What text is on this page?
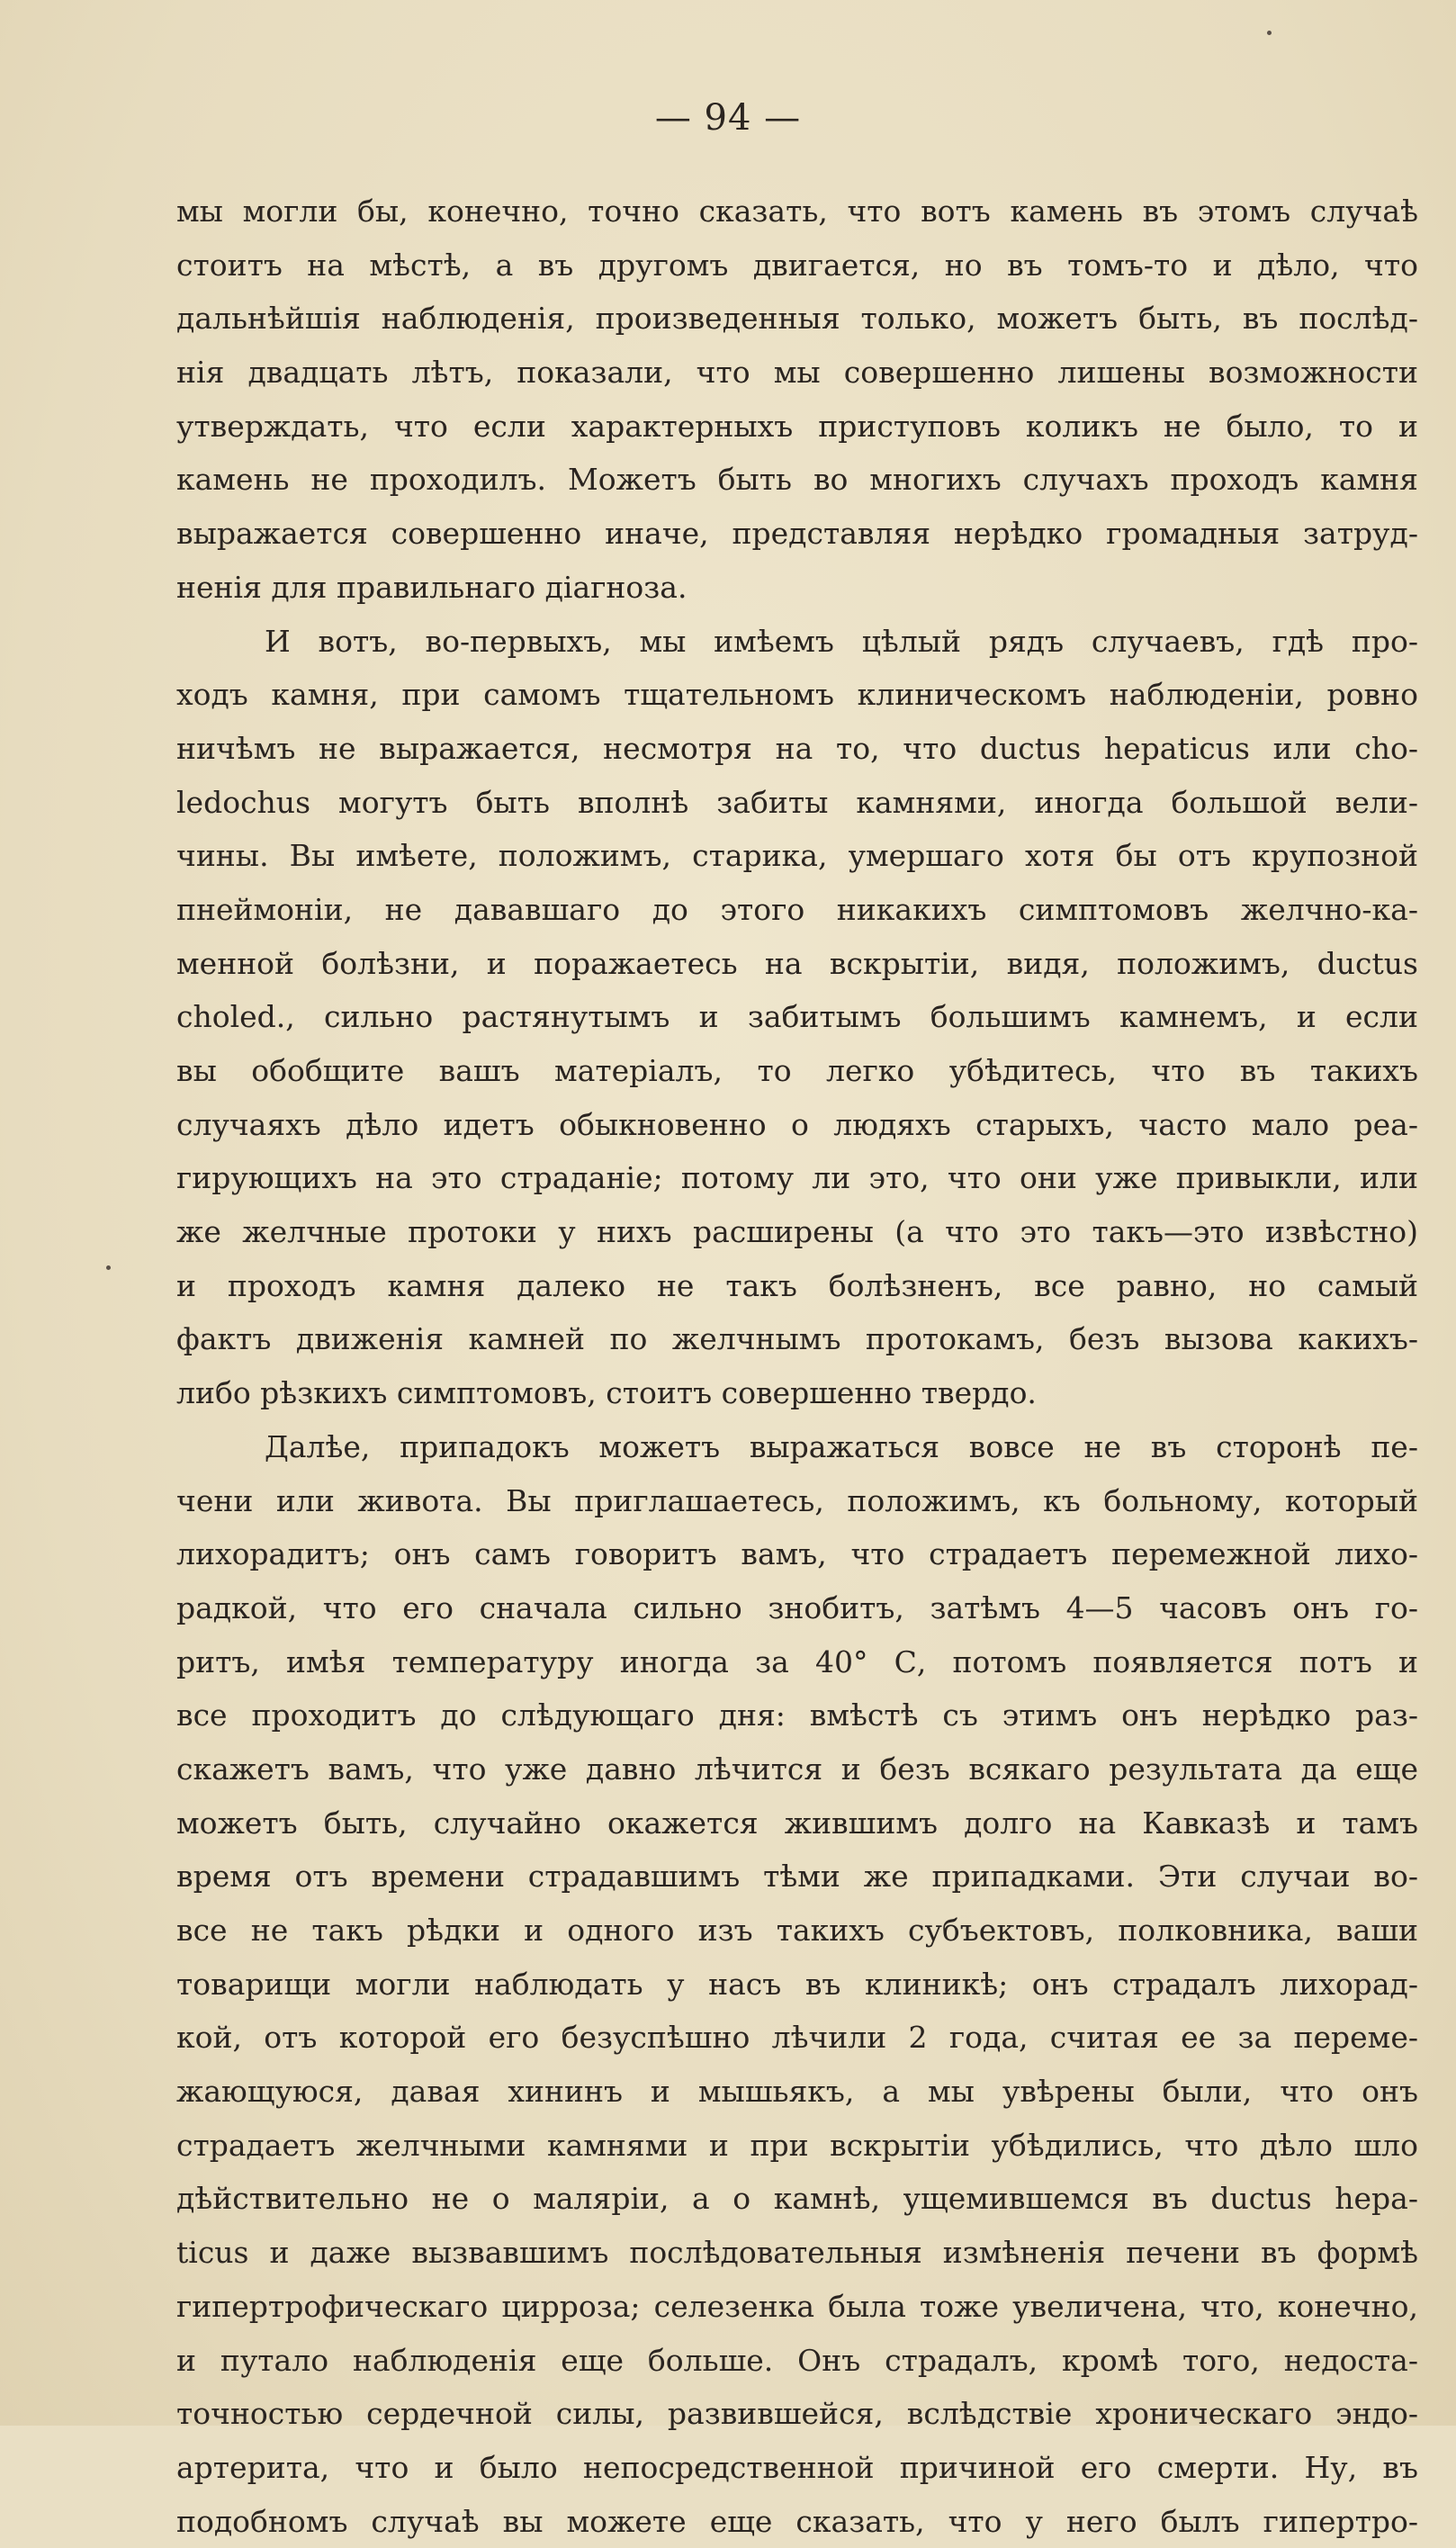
— 94 —
мы могли бы, конечно, точно сказать, что вотъ камень въ этомъ случаѣ
стоитъ на мѣстѣ, а въ другомъ двигается, но въ томъ-то и дѣло, что
дальнѣйшія наблюденія, произведенныя только, можетъ быть, въ послѣд-
нія двадцать лѣтъ, показали, что мы совершенно лишены возможности
утверждать, что если характерныхъ приступовъ коликъ не было, то и
камень не проходилъ. Можетъ быть во многихъ случахъ проходъ камня
выражается совершенно иначе, представляя нерѣдко громадныя затруд-
ненія для правильнаго діагноза.
И вотъ, во-первыхъ, мы имѣемъ цѣлый рядъ случаевъ, гдѣ про-
ходъ камня, при самомъ тщательномъ клиническомъ наблюденіи, ровно
ничѣмъ не выражается, несмотря на то, что ductus hepaticus или cho-
ledochus могутъ быть вполнѣ забиты камнями, иногда большой вели-
чины. Вы имѣете, положимъ, старика, умершаго хотя бы отъ крупозной
пнеймоніи, не дававшаго до этого никакихъ симптомовъ желчно-ка-
менной болѣзни, и поражаетесь на вскрытіи, видя, положимъ, ductus
choled., сильно растянутымъ и забитымъ большимъ камнемъ, и если
вы обобщите вашъ матеріалъ, то легко убѣдитесь, что въ такихъ
случаяхъ дѣло идетъ обыкновенно о людяхъ старыхъ, часто мало реа-
гирующихъ на это страданіе; потому ли это, что они уже привыкли, или
же желчные протоки у нихъ расширены (а что это такъ—это извѣстно)
и проходъ камня далеко не такъ болѣзненъ, все равно, но самый
фактъ движенія камней по желчнымъ протокамъ, безъ вызова какихъ-
либо рѣзкихъ симптомовъ, стоитъ совершенно твердо.
Далѣе, припадокъ можетъ выражаться вовсе не въ сторонѣ пе-
чени или живота. Вы приглашаетесь, положимъ, къ больному, который
лихорадитъ; онъ самъ говоритъ вамъ, что страдаетъ перемежной лихо-
радкой, что его сначала сильно знобитъ, затѣмъ 4—5 часовъ онъ го-
ритъ, имѣя температуру иногда за 40° С, потомъ появляется потъ и
все проходитъ до слѣдующаго дня: вмѣстѣ съ этимъ онъ нерѣдко раз-
скажетъ вамъ, что уже давно лѣчится и безъ всякаго результата да еще
можетъ быть, случайно окажется жившимъ долго на Кавказѣ и тамъ
время отъ времени страдавшимъ тѣми же припадками. Эти случаи во-
все не такъ рѣдки и одного изъ такихъ субъектовъ, полковника, ваши
товарищи могли наблюдать у насъ въ клиникѣ; онъ страдалъ лихорад-
кой, отъ которой его безуспѣшно лѣчили 2 года, считая ее за переме-
жающуюся, давая хининъ и мышьякъ, а мы увѣрены были, что онъ
страдаетъ желчными камнями и при вскрытіи убѣдились, что дѣло шло
дѣйствительно не о маляріи, а о камнѣ, ущемившемся въ ductus hepa-
ticus и даже вызвавшимъ послѣдовательныя измѣненія печени въ формѣ
гипертрофическаго цирроза; селезенка была тоже увеличена, что, конечно,
и путало наблюденія еще больше. Онъ страдалъ, кромѣ того, недоста-
точностью сердечной силы, развившейся, вслѣдствіе хроническаго эндо-
артерита, что и было непосредственной причиной его смерти. Ну, въ
подобномъ случаѣ вы можете еще сказать, что у него былъ гипертро-
